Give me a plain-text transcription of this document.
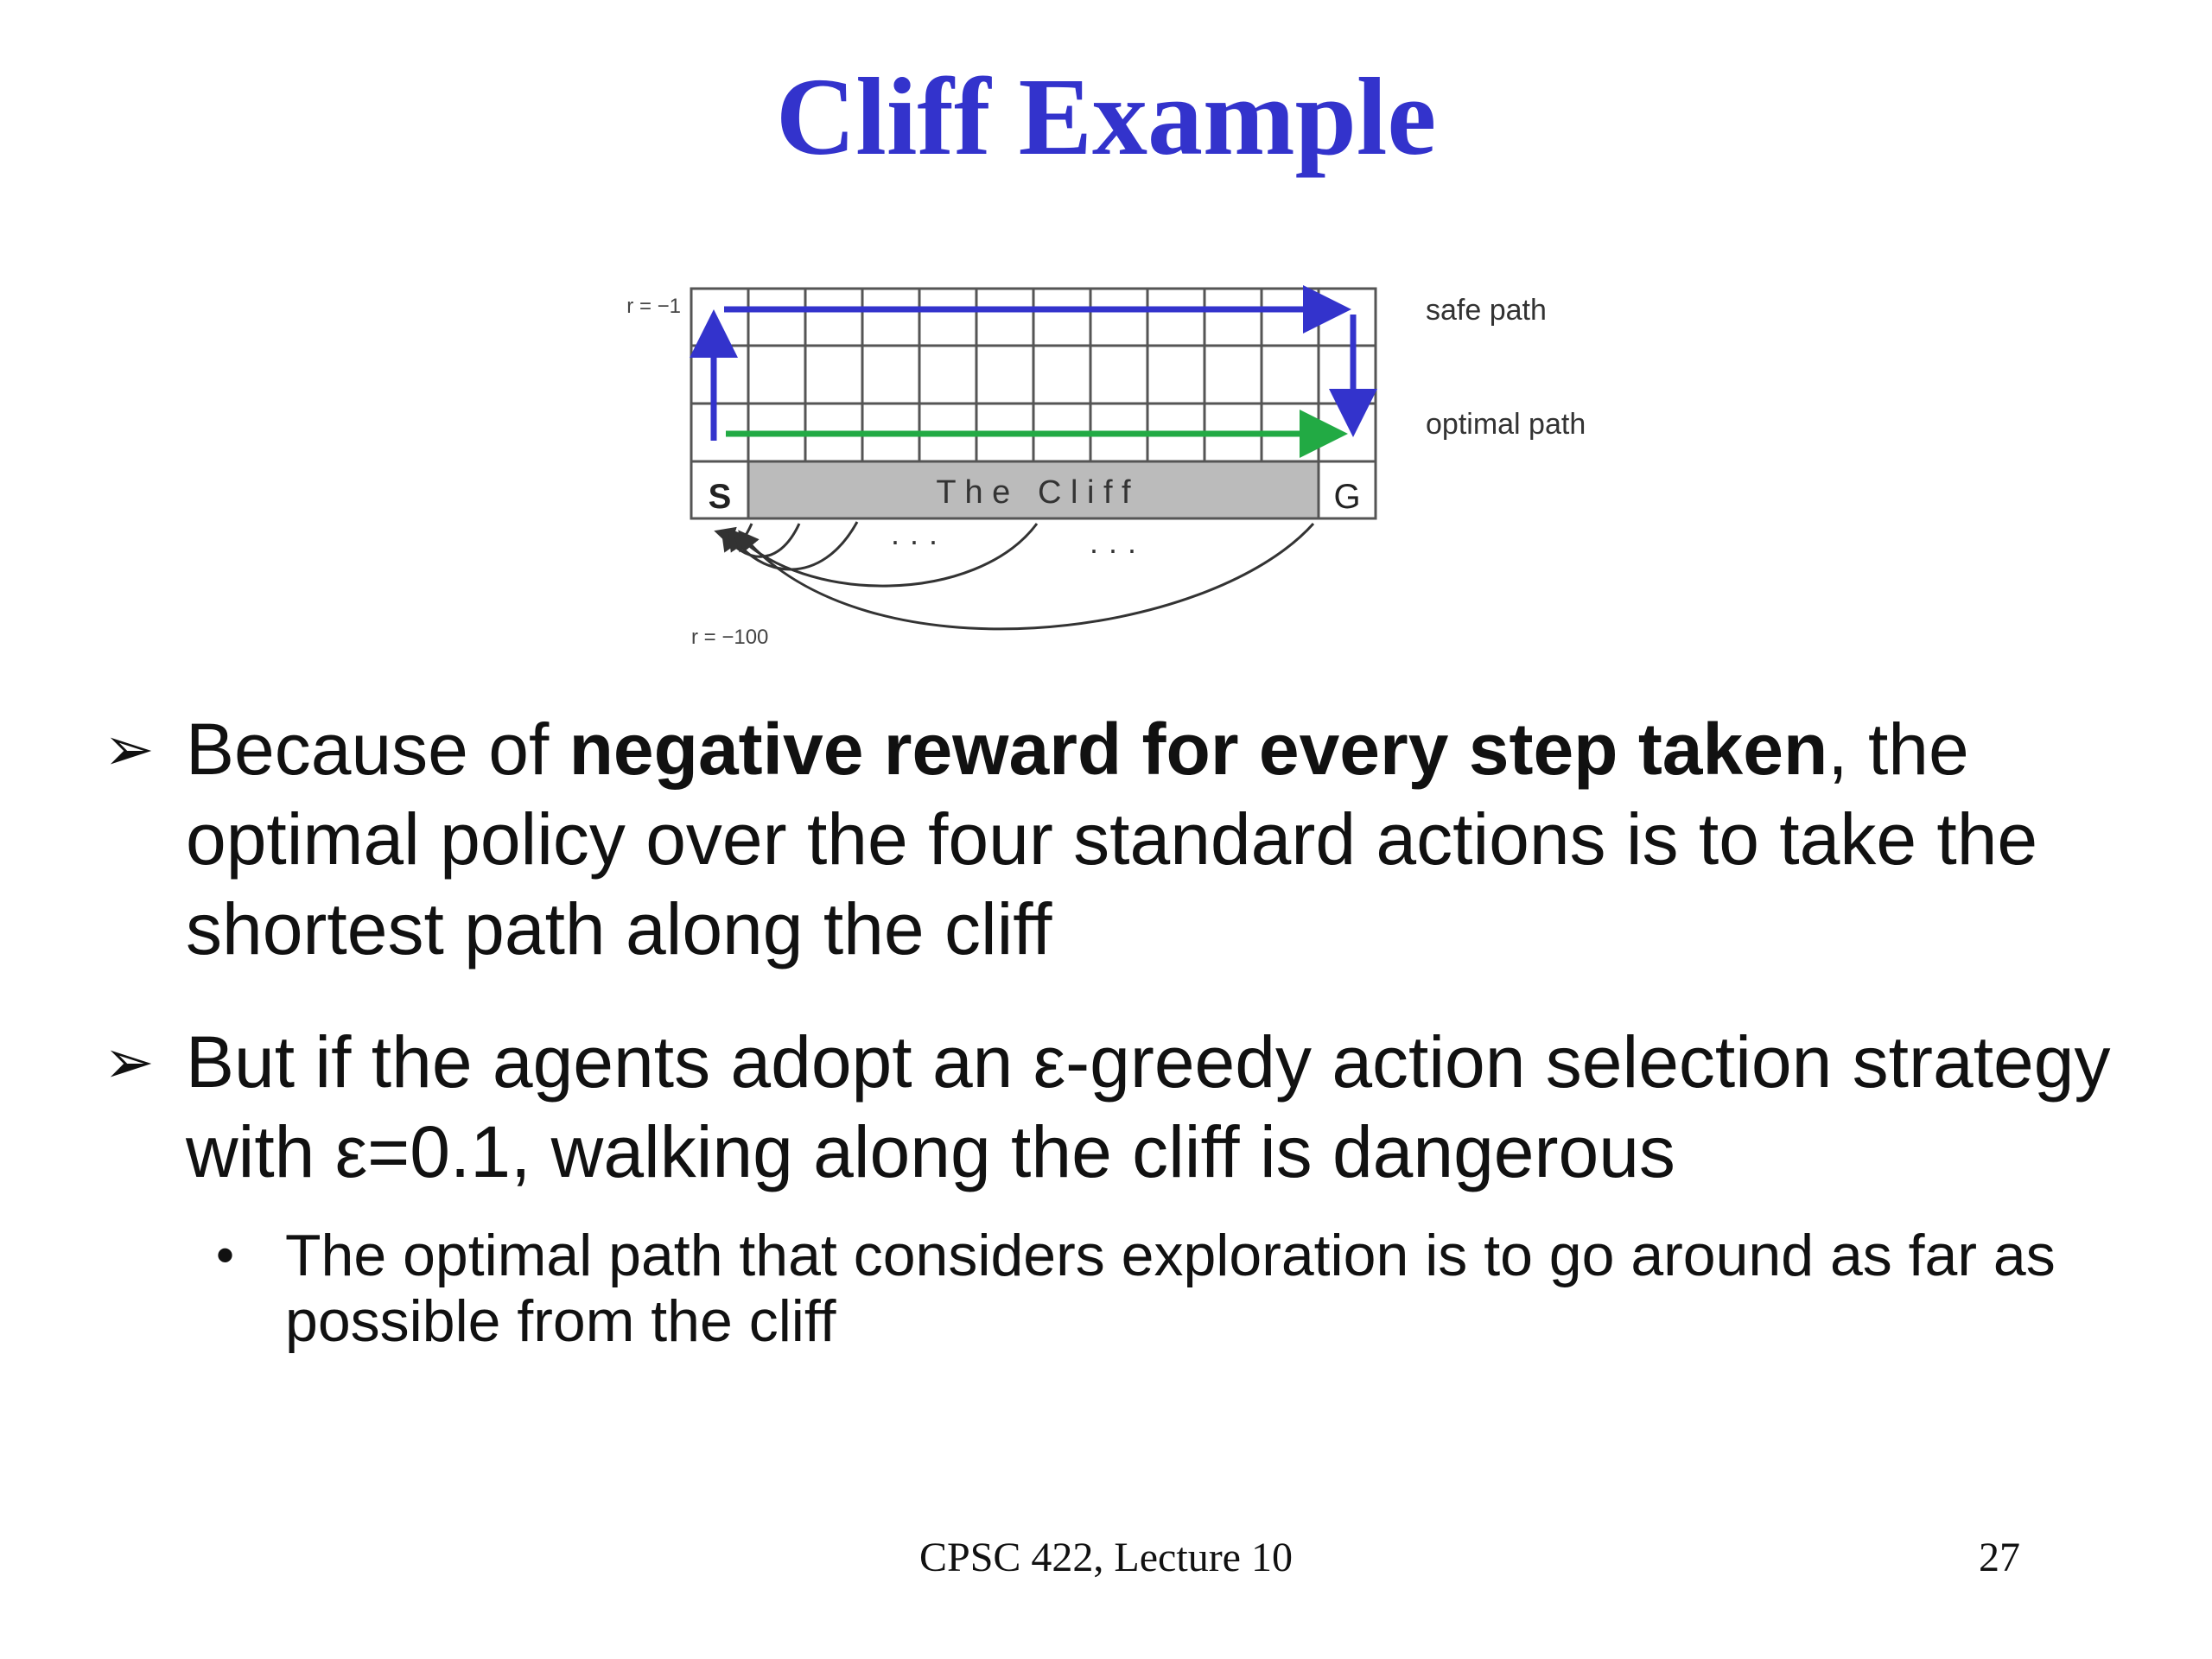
Cliff Example
S	G
T h e   C l i f f
r = −1
r = −100
safe path
optimal path
· · ·	· · ·
➢ Because of negative reward for every step taken, the optimal policy over the four standard actions is to take the shortest path along the cliff
➢ But if the agents adopt an ε-greedy action selection strategy with ε=0.1, walking along the cliff is dangerous
• The optimal path that considers exploration is to go around as far as possible from the cliff
CPSC 422, Lecture 10	27
